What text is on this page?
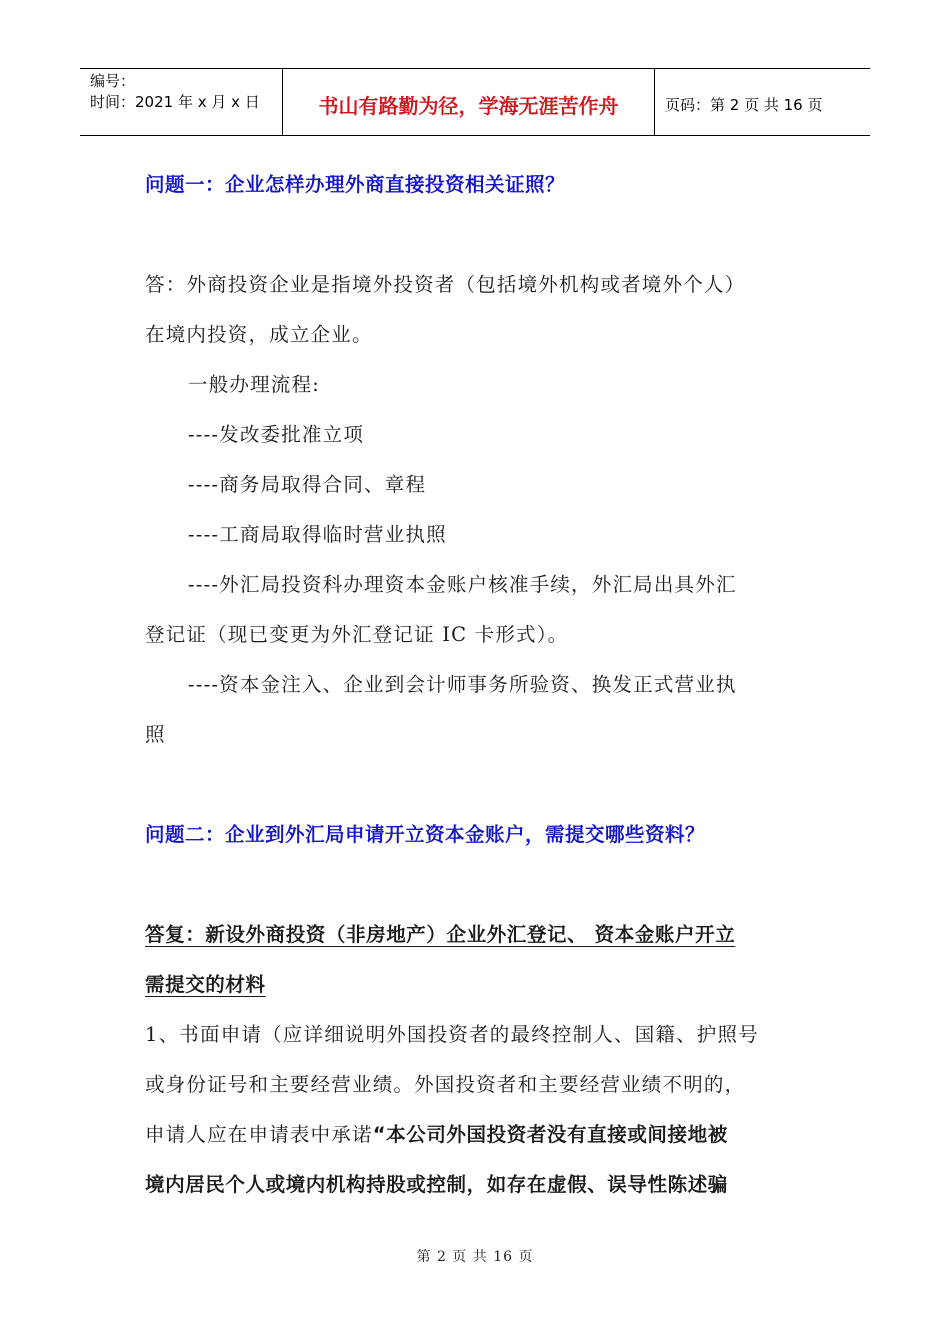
编号：
时间：2021 年 x 月 x 日	书山有路勤为径，学海无涯苦作舟	页码：第 2 页 共 16 页
问题一：企业怎样办理外商直接投资相关证照？
答：外商投资企业是指境外投资者（包括境外机构或者境外个人）
在境内投资，成立企业。
一般办理流程:
----发改委批准立项
----商务局取得合同、章程
----工商局取得临时营业执照
----外汇局投资科办理资本金账户核准手续，外汇局出具外汇
登记证（现已变更为外汇登记证 IC 卡形式）。
----资本金注入、企业到会计师事务所验资、换发正式营业执
照
问题二：企业到外汇局申请开立资本金账户，需提交哪些资料？
答复：新设外商投资（非房地产）企业外汇登记、 资本金账户开立
需提交的材料
1、书面申请（应详细说明外国投资者的最终控制人、国籍、护照号
或身份证号和主要经营业绩。外国投资者和主要经营业绩不明的，
申请人应在申请表中承诺“本公司外国投资者没有直接或间接地被
境内居民个人或境内机构持股或控制，如存在虚假、误导性陈述骗
第 2 页 共 16 页
